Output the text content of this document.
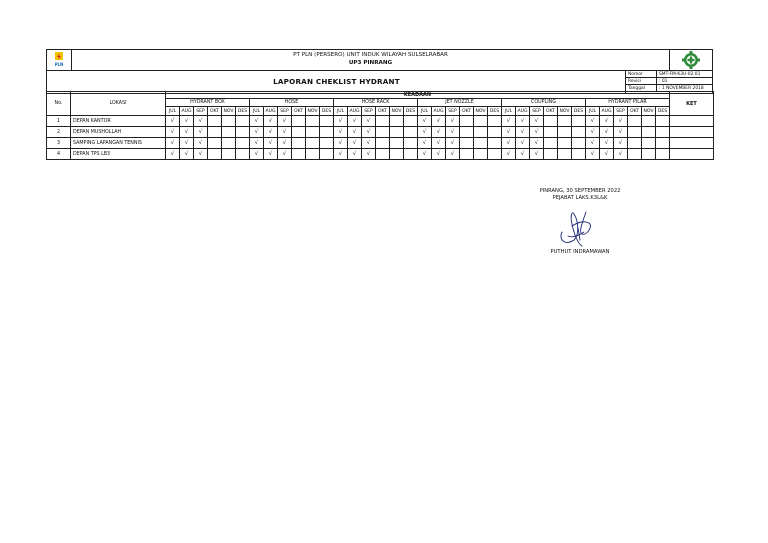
PLN
PT PLN (PERSERO) UNIT INDUK WILAYAH SULSELRABAR
UP3 PINRANG
LAPORAN CHEKLIST HYDRANT
Nomor	SMT-FM-K3U-02.01
Revisi	: 01
Tanggal	: 1 NOVEMBER 2018
No.	LOKASI	KEADAAN																																				KET
		HYDRANT BOX						HOSE						HOSE RACK						JET NOZZLE						COUPLING						HYDRANT PILAR						
		JUL	AUG	SEP	OKT	NOV	DES	JUL	AUG	SEP	OKT	NOV	DES	JUL	AUG	SEP	OKT	NOV	DES	JUL	AUG	SEP	OKT	NOV	DES	JUL	AUG	SEP	OKT	NOV	DES	JUL	AUG	SEP	OKT	NOV	DES	
1	DEPAN KANTOR	√	√	√				√	√	√				√	√	√				√	√	√				√	√	√				√	√	√				
2	DEPAN MUSHOLLAH	√	√	√				√	√	√				√	√	√				√	√	√				√	√	√				√	√	√				
3	SAMPING LAPANGAN TENNIS	√	√	√				√	√	√				√	√	√				√	√	√				√	√	√				√	√	√				
4	DEPAN TPS LB3	√	√	√				√	√	√				√	√	√				√	√	√				√	√	√				√	√	√				
PINRANG, 30 SEPTEMBER 2022
PEJABAT LAKS.K3L&K
PUTHUT INDRAMAWAN
